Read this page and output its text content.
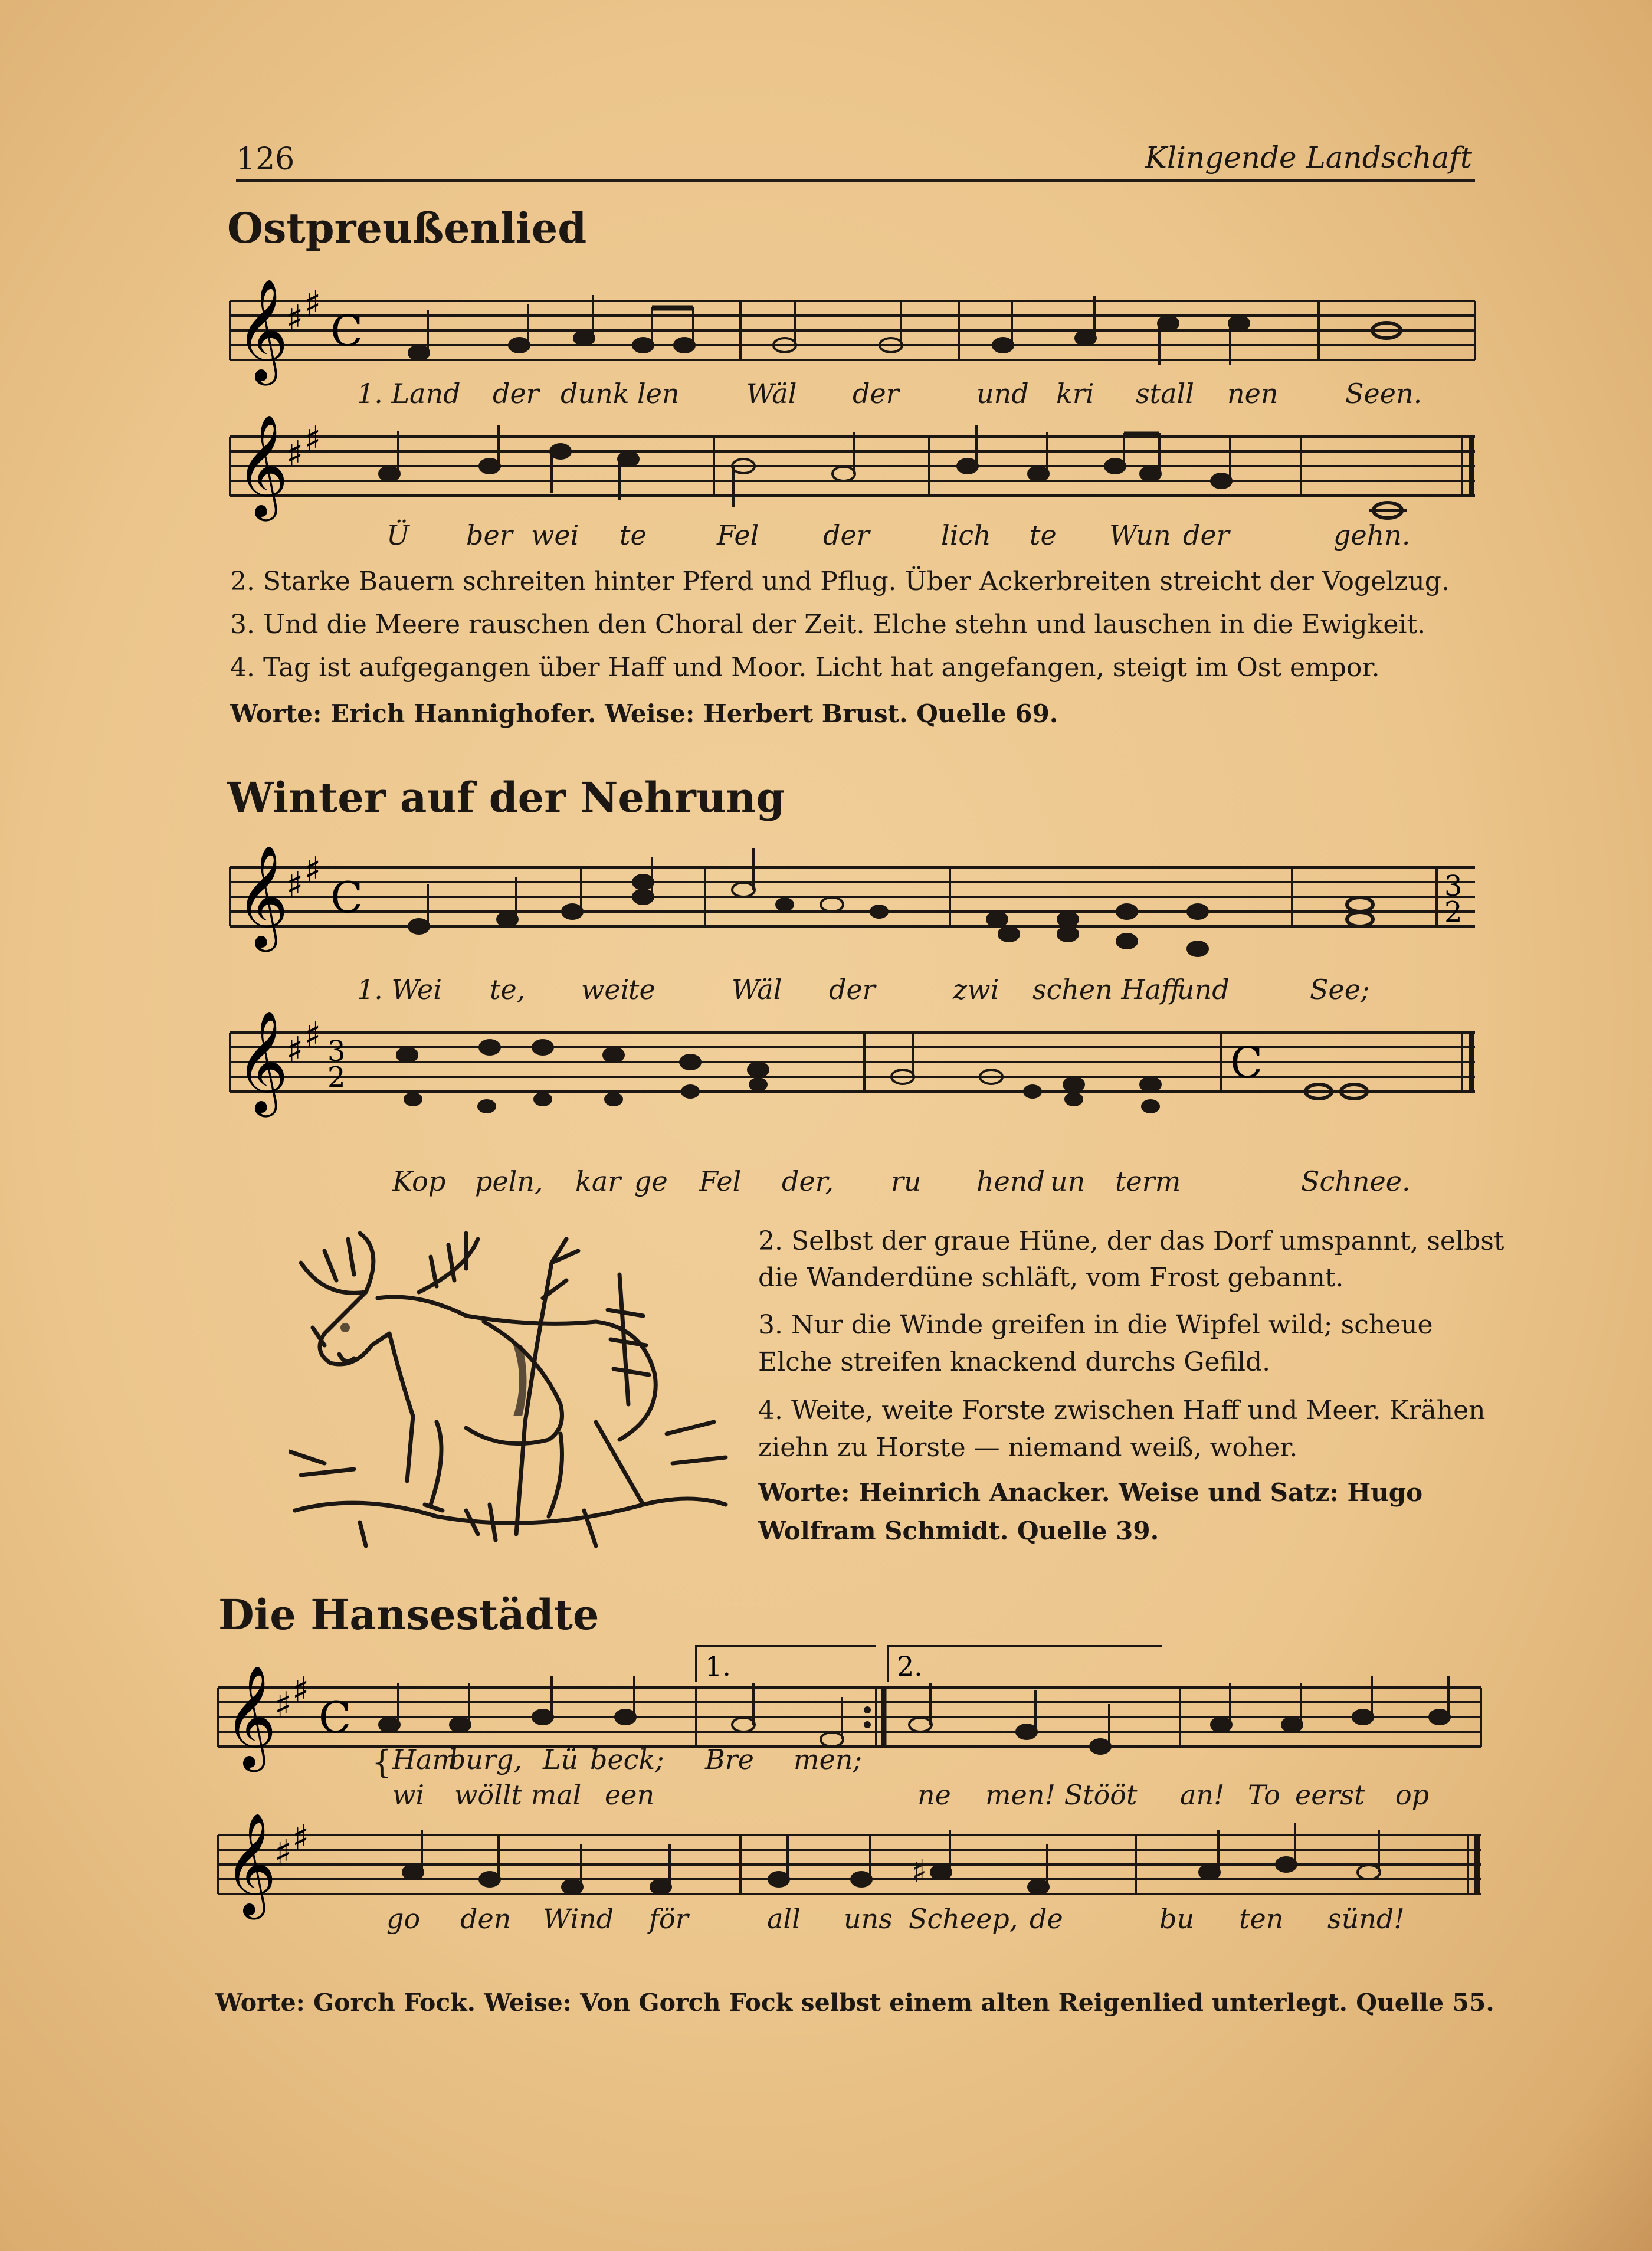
126	Klingende Landschaft
Ostpreußenlied
𝄞
♯ ♯
C
1. Land der dunk len Wäl der	und kri stall nen Seen.
𝄞
♯ ♯
Ü ber wei te	Fel der	lich te Wun der	gehn.
2. Starke Bauern schreiten hinter Pferd und Pflug. Über Ackerbreiten streicht der Vogelzug.
3. Und die Meere rauschen den Choral der Zeit. Elche stehn und lauschen in die Ewigkeit.
4. Tag ist aufgegangen über Haff und Moor. Licht hat angefangen, steigt im Ost empor.
Worte: Erich Hannighofer. Weise: Herbert Brust. Quelle 69.
Winter auf der Nehrung
𝄞
♯ ♯
C	3
2
1. Wei te, wei
te	Wäl der	zwi schen Haff
und	See;
𝄞
♯ ♯ 3
2	C
Kop peln, kar ge Fel der, ru hend un term	Schnee.
2. Selbst der graue Hüne, der das Dorf umspannt, selbst
die Wanderdüne schläft, vom Frost gebannt.
3. Nur die Winde greifen in die Wipfel wild; scheue
Elche streifen knackend durchs Gefild.
4. Weite, weite Forste zwischen Haff und Meer. Krähen
ziehn zu Horste — niemand weiß, woher.
Worte: Heinrich Anacker. Weise und Satz: Hugo
Wolfram Schmidt. Quelle 39.
Die Hansestädte
1.	2.
𝄞
♯ ♯
C
{ Ham
burg, Lü beck; Bre men;
wi wöllt mal een	ne men! Stööt an! To eerst op
𝄞
♯ ♯
♯
go den Wind för	all uns Scheep, de	bu ten sünd!
Worte: Gorch Fock. Weise: Von Gorch Fock selbst einem alten Reigenlied unterlegt. Quelle 55.
